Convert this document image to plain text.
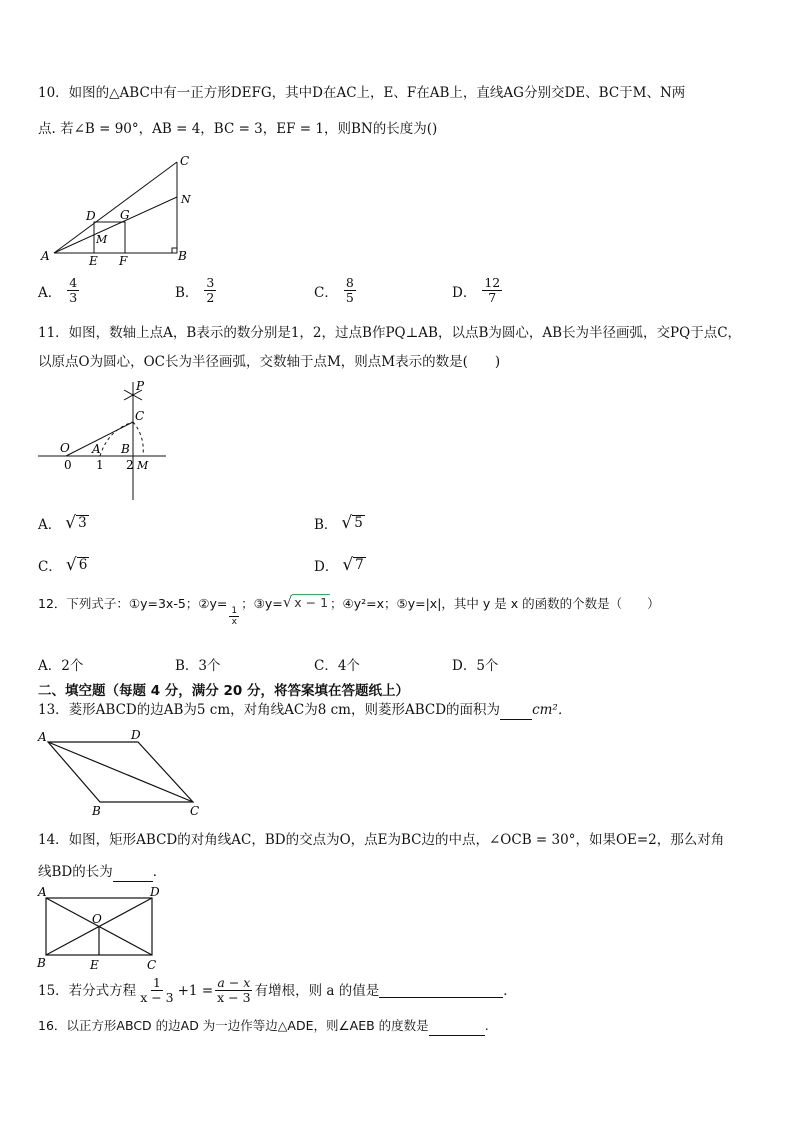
10．如图的△ABC中有一正方形DEFG，其中D在AC上，E、F在AB上，直线AG分别交DE、BC于M、N两
点. 若∠B = 90°，AB = 4，BC = 3，EF = 1，则BN的长度为()
C
N
D G
M
A	E F	B
A． $\frac{4}{3}$	B． $\frac{3}{2}$	C． $\frac{8}{5}$	D． $\frac{12}{7}$
11．如图，数轴上点A，B表示的数分别是1，2，过点B作PQ⊥AB，以点B为圆心，AB长为半径画弧，交PQ于点C，
以原点O为圆心，OC长为半径画弧，交数轴于点M，则点M表示的数是(　　)
P
C
O A B
0 1 2 M
A． √ 3	B． √ 5
C． √ 6	D． √ 7
12．下列式子：①y=3x-5；②y=
$\frac{1}{x}$
；③y= √ x − 1 ；④y²=x；⑤y=|x|，其中 y 是 x 的函数的个数是（　　）
A．2个	B．3个	C．4个	D．5个
二、填空题（每题 4 分，满分 20 分，将答案填在答题纸上）
13．菱形ABCD的边AB为5 cm，对角线AC为8 cm，则菱形ABCD的面积为 cm²．
A	D
B	C
14．如图，矩形ABCD的对角线AC，BD的交点为O，点E为BC边的中点，∠OCB = 30°，如果OE=2，那么对角
线BD的长为	．
A	D
O
B	E	C
15．若分式方程 $\frac{1}{x - 3} +1 = \frac{a - x}{x - 3}$ 有增根，则 a 的值是	．
16．以正方形ABCD 的边AD 为一边作等边△ADE，则∠AEB 的度数是	.
